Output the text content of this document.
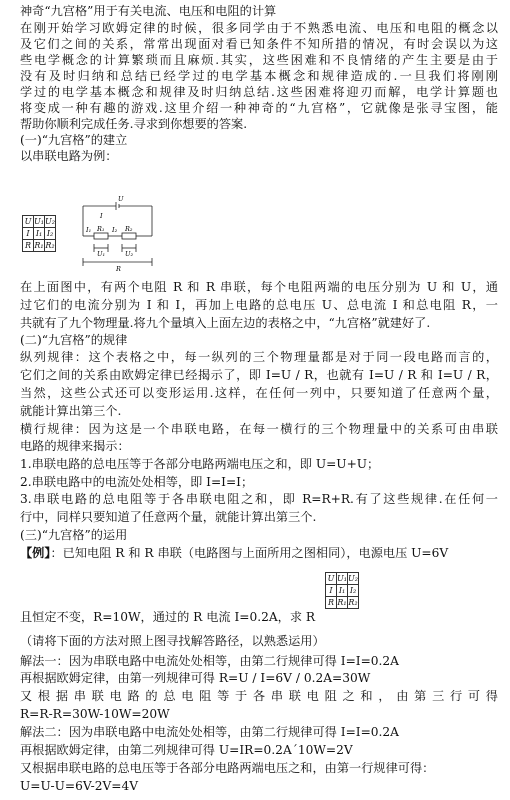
神奇“九宫格”用于有关电流、电压和电阻的计算
在刚开始学习欧姆定律的时候，很多同学由于不熟悉电流、电压和电阻的概念以
及它们之间的关系，常常出现面对看已知条件不知所措的情况，有时会误以为这
些电学概念的计算繁琐而且麻烦.其实，这些困难和不良情绪的产生主要是由于
没有及时归纳和总结已经学过的电学基本概念和规律造成的.一旦我们将刚刚
学过的电学基本概念和规律及时归纳总结.这些困难将迎刃而解，电学计算题也
将变成一种有趣的游戏.这里介绍一种神奇的“九宫格”，它就像是张寻宝图，能
帮助你顺利完成任务.寻求到你想要的答案.
(一)“九宫格”的建立
以串联电路为例：
U	U₁	U₂
I	I₁	I₂
R	R₁	R₂
U
I
I₁ R₁ I₂ R₂
U₁	U₂
R
在上面图中，有两个电阻 R 和 R 串联，每个电阻两端的电压分别为 U 和 U，通
过它们的电流分别为 I 和 I，再加上电路的总电压 U、总电流 I 和总电阻 R，一
共就有了九个物理量.将九个量填入上面左边的表格之中，“九宫格”就建好了.
(二)“九宫格”的规律
纵列规律：这个表格之中，每一纵列的三个物理量都是对于同一段电路而言的，
它们之间的关系由欧姆定律已经揭示了，即 I=U / R，也就有 I=U / R 和 I=U / R，
当然，这些公式还可以变形运用.这样，在任何一列中，只要知道了任意两个量，
就能计算出第三个.
横行规律：因为这是一个串联电路，在每一横行的三个物理量中的关系可由串联
电路的规律来揭示：
1.串联电路的总电压等于各部分电路两端电压之和，即 U=U+U；
2.串联电路中的电流处处相等，即 I=I=I；
3.串联电路的总电阻等于各串联电阻之和，即 R=R+R.有了这些规律.在任何一
行中，同样只要知道了任意两个量，就能计算出第三个.
(三)“九宫格”的运用
【例】：已知电阻 R 和 R 串联（电路图与上面所用之图相同），电源电压 U=6V
U	U₁	U₂
I	I₁	I₂
R	R₁	R₂
且恒定不变，R=10W，通过的 R 电流 I=0.2A，求 R
（请将下面的方法对照上图寻找解答路径，以熟悉运用）
解法一：因为串联电路中电流处处相等，由第二行规律可得 I=I=0.2A
再根据欧姆定律，由第一列规律可得 R=U / I=6V / 0.2A=30W
又根据串联电路的总电阻等于各串联电阻之和，由第三行可得
R=R-R=30W-10W=20W
解法二：因为串联电路中电流处处相等，由第二行规律可得 I=I=0.2A
再根据欧姆定律，由第二列规律可得 U=IR=0.2A´10W=2V
又根据串联电路的总电压等于各部分电路两端电压之和，由第一行规律可得：
U=U-U=6V-2V=4V
